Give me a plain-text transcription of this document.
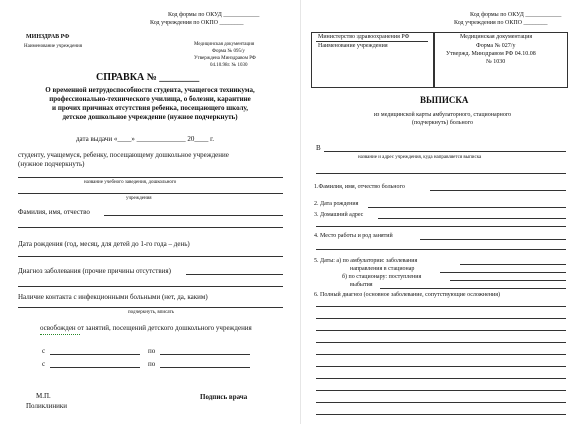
Код формы по ОКУД ____________
Код учреждения по ОКПО ________
МИНЗДРАВ РФ
Наименование учреждения	Медицинская документация
Форма № 095/у
Утверждена Минздравом РФ
04.10.98г. № 1030
СПРАВКА № ________
О временной нетрудоспособности студента, учащегося техникума,
профессионально-технического училища, о болезни, карантине
и прочих причинах отсутствия ребенка, посещающего школу,
детское дошкольное учреждение (нужное подчеркнуть)
дата выдачи «____» ______________ 20____ г.
студенту, учащемуся, ребенку, посещающему дошкольное учреждение
(нужное подчеркнуть)
название учебного заведения, дошкольного
учреждения
Фамилия, имя, отчество
Дата рождения (год, месяц, для детей до 1-го года – день)
Диагноз заболевания (прочие причины отсутствия)
Наличие контакта с инфекционными больными (нет, да, каким)
подчеркнуть, вписать
освобожден от занятий, посещений детского дошкольного учреждения
с	по
с	по
М.П.
Поликлиники
Подпись врача
Код формы по ОКУД ____________
Код учреждения по ОКПО ________
Министерство здравоохранения РФ
Наименование учреждения
Медицинская документация
Форма № 027/у
Утвержд. Минздравом РФ 04.10.08
№ 1030
ВЫПИСКА
из медицинской карты амбулаторного, стационарного
(подчеркнуть) больного
В
название и адрес учреждения, куда направляется выписка
1.Фамилия, имя, отчество больного
2. Дата рождения
3. Домашний адрес
4. Место работы и род занятий
5. Даты: а) по амбулатории: заболевания
направления в стационар
б) по стационару: поступления
выбытия
6. Полный диагноз (основное заболевание, сопутствующие осложнения)
